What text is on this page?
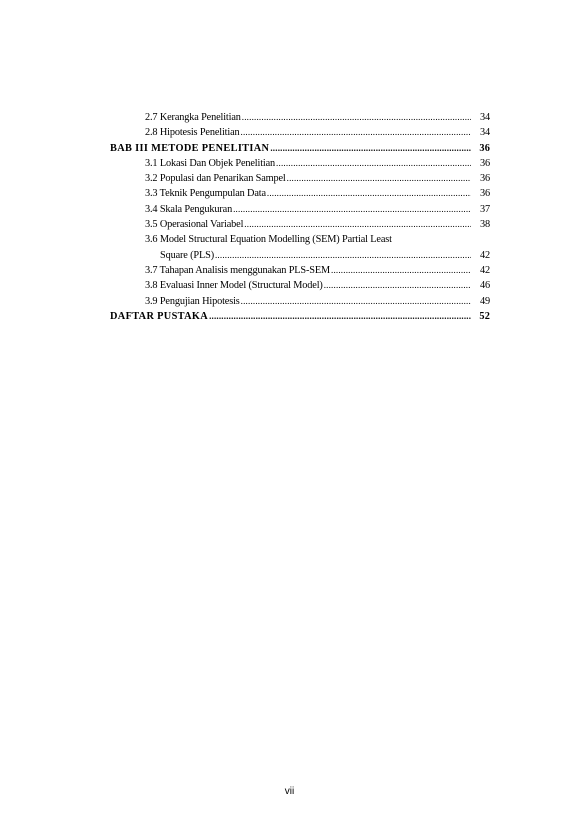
2.7 Kerangka Penelitian .....	34
2.8 Hipotesis Penelitian .....	34
BAB III METODE PENELITIAN .....	36
3.1 Lokasi Dan Objek Penelitian .....	36
3.2 Populasi dan Penarikan Sampel .....	36
3.3 Teknik Pengumpulan Data .....	36
3.4 Skala Pengukuran .....	37
3.5 Operasional Variabel .....	38
3.6 Model Structural Equation Modelling (SEM) Partial Least
Square (PLS) .....	42
3.7 Tahapan Analisis menggunakan PLS-SEM .....	42
3.8 Evaluasi Inner Model (Structural Model) .....	46
3.9 Pengujian Hipotesis .....	49
DAFTAR PUSTAKA .....	52
vii
